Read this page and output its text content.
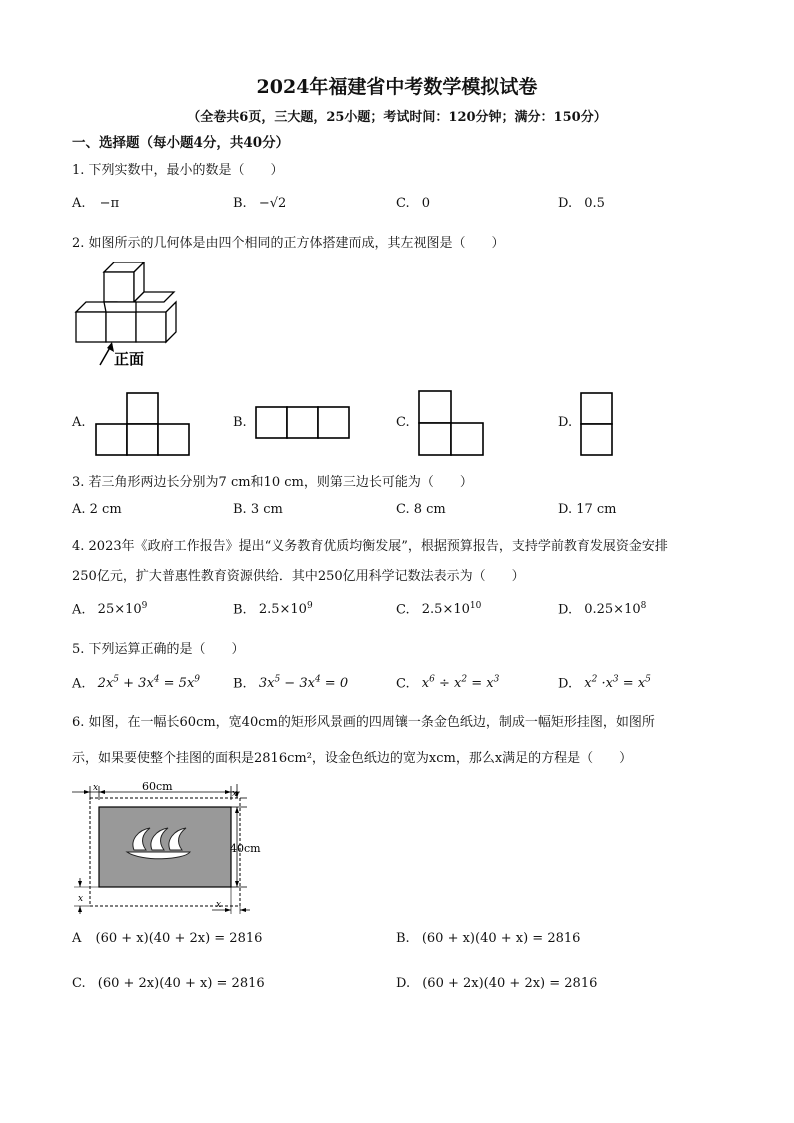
2024年福建省中考数学模拟试卷
（全卷共6页，三大题，25小题；考试时间：120分钟；满分：150分）
一、选择题（每小题4分，共40分）
1. 下列实数中，最小的数是（　　）
A. −π	B. −√2	C. 0	D. 0.5
2. 如图所示的几何体是由四个相同的正方体搭建而成，其左视图是（　　）
正面
A.	B.	C.	D.
3. 若三角形两边长分别为7 cm和10 cm，则第三边长可能为（　　）
A. 2 cm	B. 3 cm	C. 8 cm	D. 17 cm
4. 2023年《政府工作报告》提出“义务教育优质均衡发展”，根据预算报告，支持学前教育发展资金安排
250亿元，扩大普惠性教育资源供给．其中250亿用科学记数法表示为（　　）
A. $25\times 10^9$	B. $2.5\times 10^9$	C. $2.5\times 10^{10}$	D. $0.25\times 10^8$
5. 下列运算正确的是（　　）
A. $2x^5 + 3x^4 = 5x^9$	B. $3x^5 - 3x^4 = 0$	C. $x^6 \div x^2 = x^3$	D. $x^2 \cdot x^3 = x^5$
6. 如图，在一幅长60cm，宽40cm的矩形风景画的四周镶一条金色纸边，制成一幅矩形挂图，如图所
示，如果要使整个挂图的面积是2816cm²，设金色纸边的宽为xcm，那么x满足的方程是（　　）
x	60cm
x
40cm
x
x
A (60 + x)(40 + 2x) = 2816	B. (60 + x)(40 + x) = 2816
C. (60 + 2x)(40 + x) = 2816	D. (60 + 2x)(40 + 2x) = 2816
